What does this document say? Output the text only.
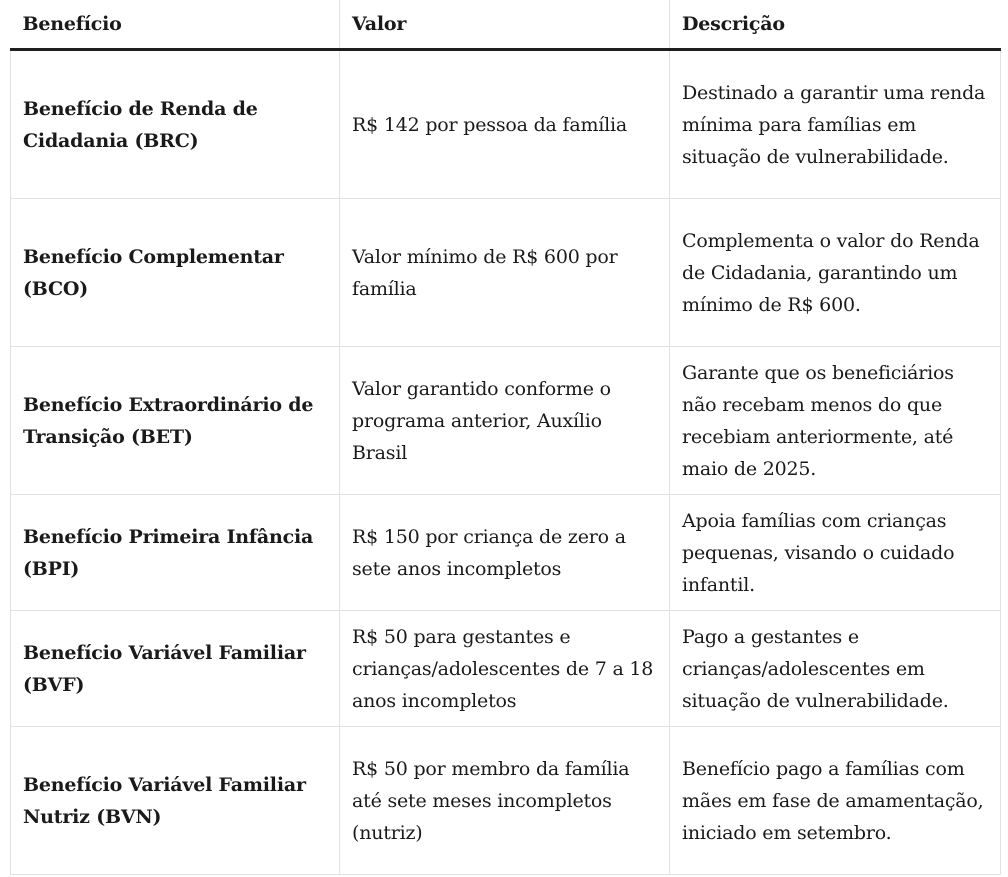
Benefício	Valor	Descrição
Benefício de Renda de Cidadania (BRC)	R$ 142 por pessoa da família	Destinado a garantir uma renda mínima para famílias em situação de vulnerabilidade.
Benefício Complementar (BCO)	Valor mínimo de R$ 600 por família	Complementa o valor do Renda de Cidadania, garantindo um mínimo de R$ 600.
Benefício Extraordinário de Transição (BET)	Valor garantido conforme o programa anterior, Auxílio Brasil	Garante que os beneficiários não recebam menos do que recebiam anteriormente, até maio de 2025.
Benefício Primeira Infância (BPI)	R$ 150 por criança de zero a sete anos incompletos	Apoia famílias com crianças pequenas, visando o cuidado infantil.
Benefício Variável Familiar (BVF)	R$ 50 para gestantes e crianças/adolescentes de 7 a 18 anos incompletos	Pago a gestantes e crianças/adolescentes em situação de vulnerabilidade.
Benefício Variável Familiar Nutriz (BVN)	R$ 50 por membro da família até sete meses incompletos (nutriz)	Benefício pago a famílias com mães em fase de amamentação, iniciado em setembro.
